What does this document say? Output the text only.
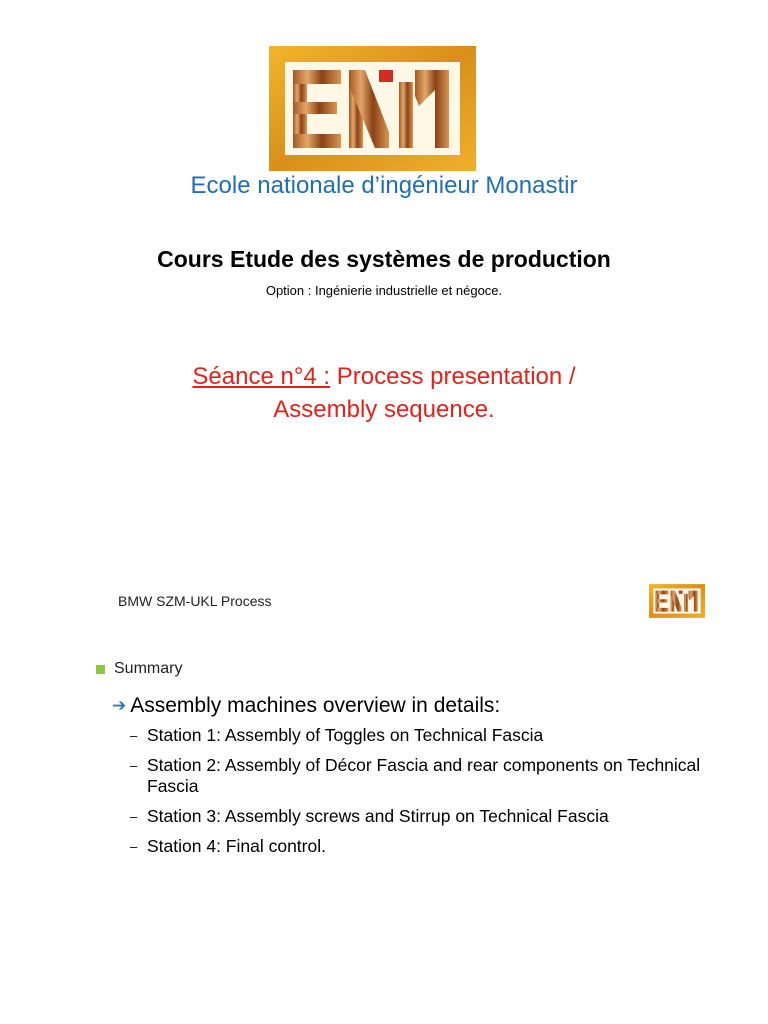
Ecole nationale d’ingénieur Monastir
Cours Etude des systèmes de production
Option : Ingénierie industrielle et négoce.
Séance n°4 : Process presentation /
Assembly sequence.
BMW SZM-UKL Process
Summary
➔ Assembly machines overview in details:
– Station 1: Assembly of Toggles on Technical Fascia
– Station 2: Assembly of Décor Fascia and rear components on Technical Fascia
– Station 3: Assembly screws and Stirrup on Technical Fascia
– Station 4: Final control.
